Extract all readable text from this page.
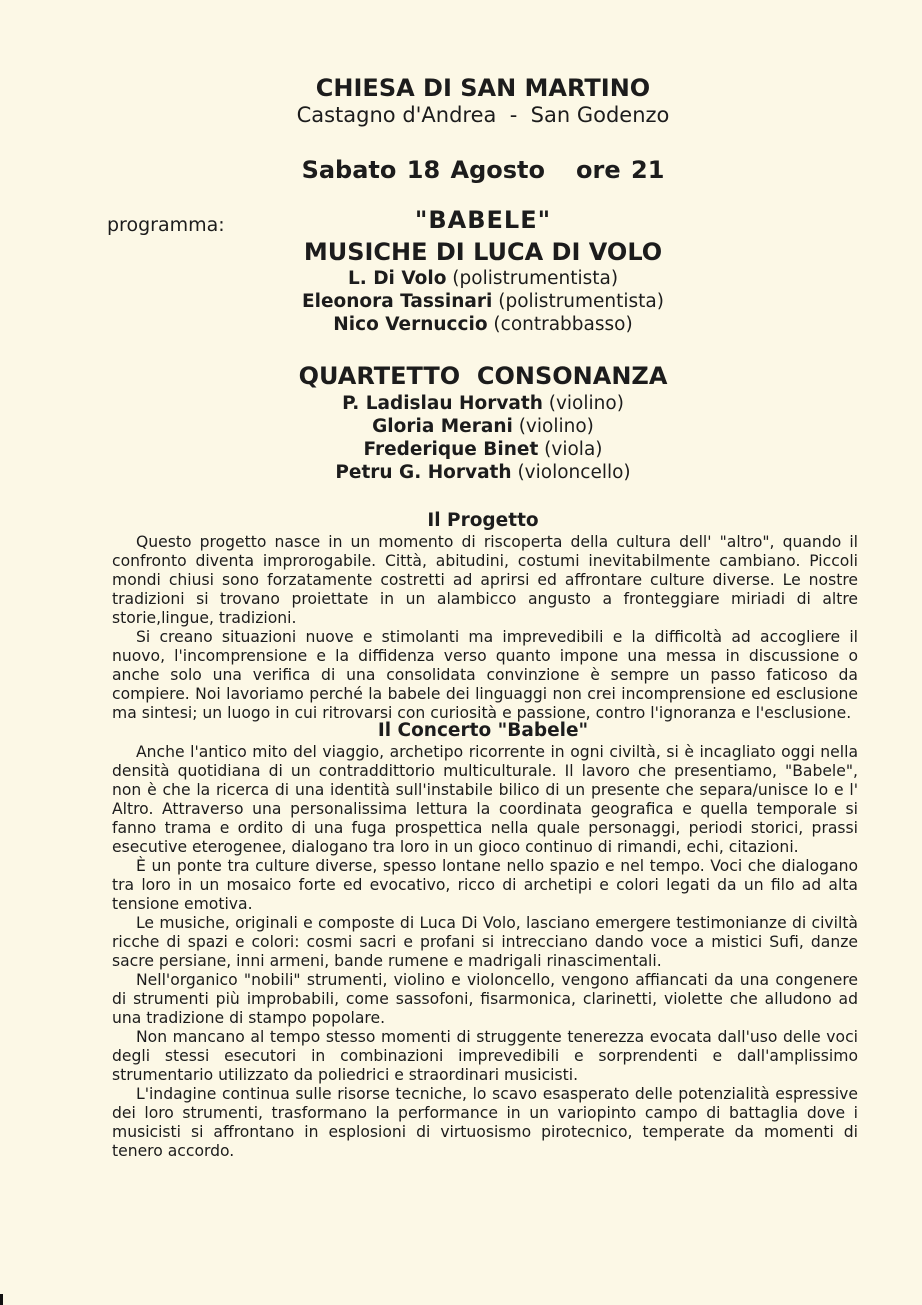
CHIESA DI SAN MARTINO
Castagno d'Andrea  -  San Godenzo
Sabato 18 Agosto   ore 21
programma:	"BABELE"
MUSICHE DI LUCA DI VOLO
L. Di Volo (polistrumentista)
Eleonora Tassinari (polistrumentista)
Nico Vernuccio (contrabbasso)
QUARTETTO  CONSONANZA
P. Ladislau Horvath (violino)
Gloria Merani (violino)
Frederique Binet (viola)
Petru G. Horvath (violoncello)
Il Progetto

Questo progetto nasce in un momento di riscoperta della cultura dell' "altro", quando il confronto diventa improrogabile. Città, abitudini, costumi inevitabilmente cambiano. Piccoli mondi chiusi sono forzatamente costretti ad aprirsi ed affrontare culture diverse. Le nostre tradizioni si trovano proiettate in un alambicco angusto a fronteggiare miriadi di altre storie,lingue, tradizioni.

Si creano situazioni nuove e stimolanti ma imprevedibili e la difficoltà ad accogliere il nuovo, l'incomprensione e la diffidenza verso quanto impone una messa in discussione o anche solo una verifica di una consolidata convinzione è sempre un passo faticoso da compiere. Noi lavoriamo perché la babele dei linguaggi non crei incomprensione ed esclusione ma sintesi; un luogo in cui ritrovarsi con curiosità e passione, contro l'ignoranza e l'esclusione.

Il Concerto "Babele"

Anche l'antico mito del viaggio, archetipo ricorrente in ogni civiltà, si è incagliato oggi nella densità quotidiana di un contraddittorio multiculturale. Il lavoro che presentiamo, "Babele", non è che la ricerca di una identità sull'instabile bilico di un presente che separa/unisce Io e l' Altro. Attraverso una personalissima lettura la coordinata geografica e quella temporale si fanno trama e ordito di una fuga prospettica nella quale personaggi, periodi storici, prassi esecutive eterogenee, dialogano tra loro in un gioco continuo di rimandi, echi, citazioni.

È un ponte tra culture diverse, spesso lontane nello spazio e nel tempo. Voci che dialogano tra loro in un mosaico forte ed evocativo, ricco di archetipi e colori legati da un filo ad alta tensione emotiva.

Le musiche, originali e composte di Luca Di Volo, lasciano emergere testimonianze di civiltà ricche di spazi e colori: cosmi sacri e profani si intrecciano dando voce a mistici Sufi, danze sacre persiane, inni armeni, bande rumene e madrigali rinascimentali.

Nell'organico "nobili" strumenti, violino e violoncello, vengono affiancati da una congenere di strumenti più improbabili, come sassofoni, fisarmonica, clarinetti, violette che alludono ad una tradizione di stampo popolare.

Non mancano al tempo stesso momenti di struggente tenerezza evocata dall'uso delle voci degli stessi esecutori in combinazioni imprevedibili e sorprendenti e dall'amplissimo strumentario utilizzato da poliedrici e straordinari musicisti.

L'indagine continua sulle risorse tecniche, lo scavo esasperato delle potenzialità espressive dei loro strumenti, trasformano la performance in un variopinto campo di battaglia dove i musicisti si affrontano in esplosioni di virtuosismo pirotecnico, temperate da momenti di tenero accordo.
